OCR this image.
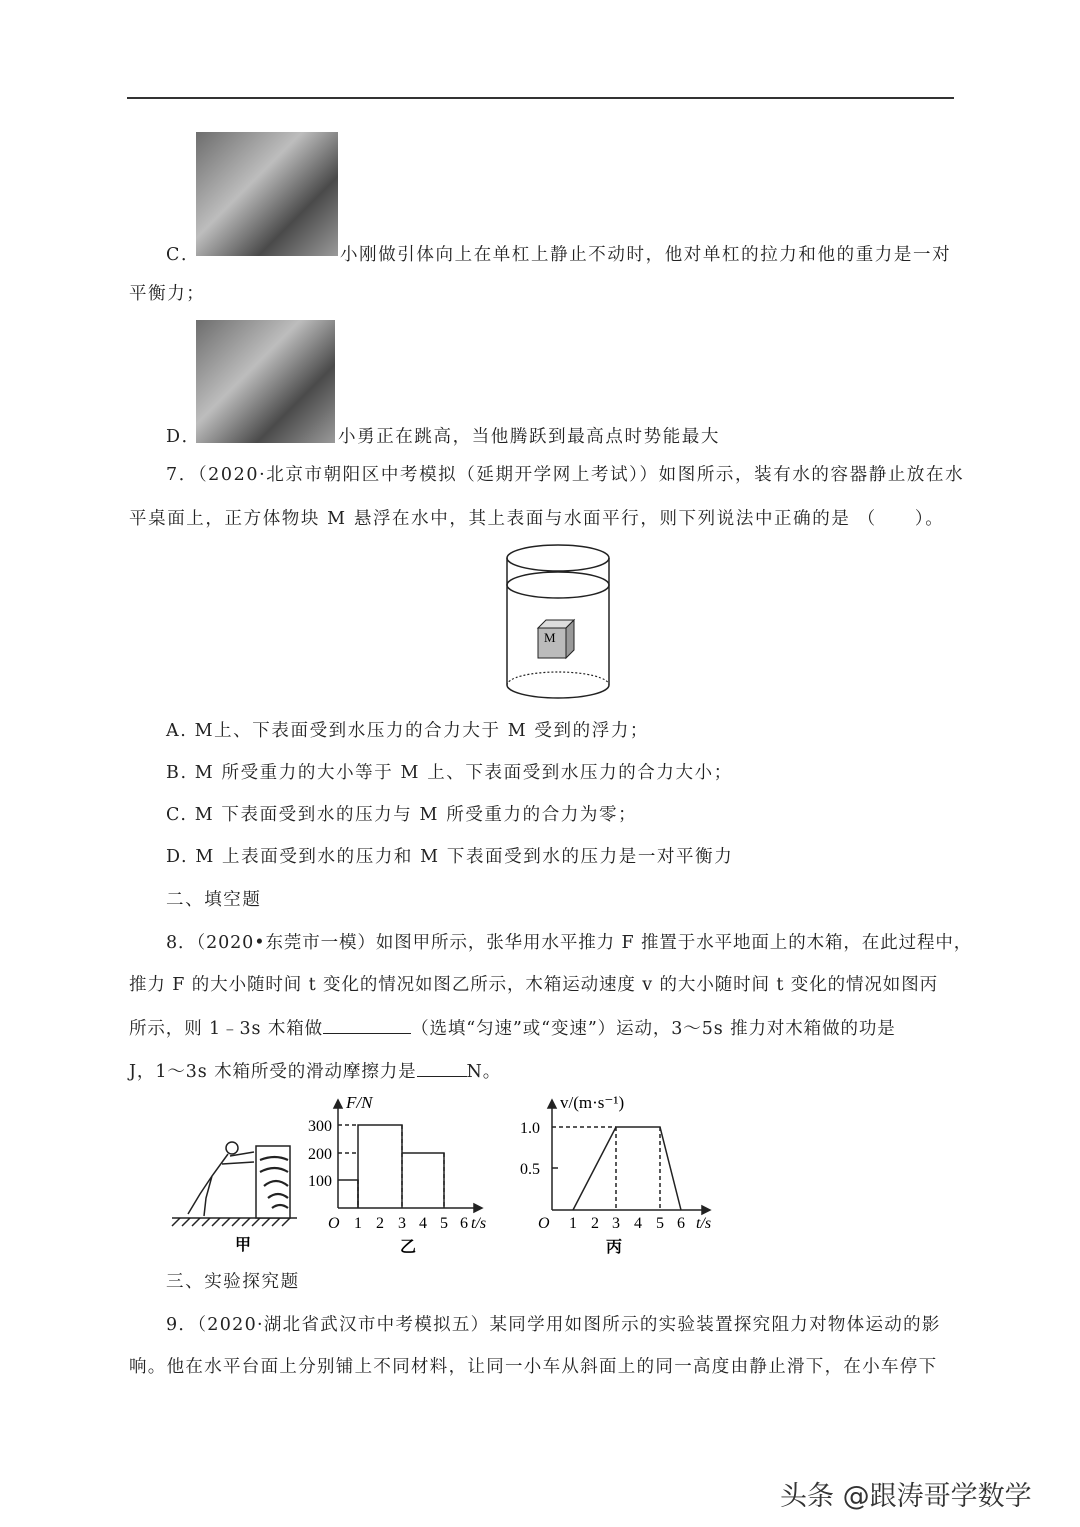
C．	小刚做引体向上在单杠上静止不动时，他对单杠的拉力和他的重力是一对
平衡力；
D．	小勇正在跳高，当他腾跃到最高点时势能最大
7．（2020·北京市朝阳区中考模拟（延期开学网上考试））如图所示，装有水的容器静止放在水
平桌面上，正方体物块 M 悬浮在水中，其上表面与水面平行，则下列说法中正确的是 （　　）。
M
A. M上、下表面受到水压力的合力大于 M 受到的浮力；
B. M 所受重力的大小等于 M 上、下表面受到水压力的合力大小；
C. M 下表面受到水的压力与 M 所受重力的合力为零；
D. M 上表面受到水的压力和 M 下表面受到水的压力是一对平衡力
二、填空题
8．（2020•东莞市一模）如图甲所示，张华用水平推力 F 推置于水平地面上的木箱，在此过程中，
推力 F 的大小随时间 t 变化的情况如图乙所示，木箱运动速度 v 的大小随时间 t 变化的情况如图丙
所示，则 1﹣3s 木箱做	（选填“匀速”或“变速”）运动，3～5s 推力对木箱做的功是
J，1～3s 木箱所受的滑动摩擦力是	N。
甲
F/N
300
200
100
O 1 2 3 4 5 6 t/s
乙
v/(m·s⁻¹)
1.0
0.5
O 1 2 3 4 5 6 t/s
丙
三、实验探究题
9．（2020·湖北省武汉市中考模拟五）某同学用如图所示的实验装置探究阻力对物体运动的影
响。他在水平台面上分别铺上不同材料，让同一小车从斜面上的同一高度由静止滑下，在小车停下
头条 @跟涛哥学数学
